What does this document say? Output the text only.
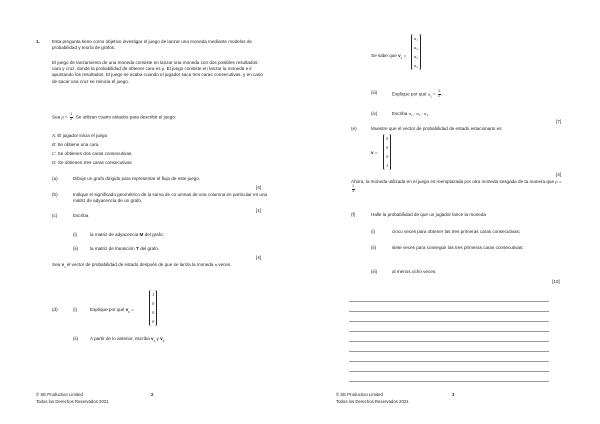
1.	Esta pregunta tiene como objetivo investigar el juego de lanzar una moneda mediante modelos de probabilidad y teoría de grafos.
El juego de lanzamiento de una moneda consiste en lanzar una moneda con dos posibles resultados: cara y cruz, donde la probabilidad de obtener cara es p. El juego consiste en lanzar la moneda e ir apuntando los resultados. El juego se acaba cuando el jugador saca tres caras consecutivas, y en caso de sacar una cruz se reinicia el juego.
Sea $p = \frac{1}{2}$ . Se utilizan cuatro estados para describir el juego:
A: El jugador inicia el juego
B: Se obtiene una cara
C: Se obtienen dos caras consecutivas.
D: Se obtienen tres caras consecutivas
(a)	Dibuje un grafo dirigido para representar el flujo de este juego.
[4]
(b)	Indique el significado geométrico de la suma de co umnas de una columna en particular en una matriz de adyacencia de un grafo.
[1]
(c)	Escriba
(i)	la matriz de adyacencia M del grafo;
(ii)	la matriz de transición T del grafo.
[4]
Sea $v_n$ el vector de probabilidad de estado después de que se lanza la moneda n veces.
(d)	(i)	Explique por qué $v_0$ =
1
0
0
0
(ii)	A partir de lo anterior, escriba $v_1$ y $v_2$.
© SE Production Limited
Todos los Derechos Reservados 2021
2
Se sabe que $v_1$ =
a₁
a₂
a₃
a₄
(iii)	Explique por qué $a_1 = \frac{1}{2}$ .
(iv)	Escriba a₂ : a₃ : a₄.
[7]
(e)	Muestre que el vector de probabilidad de estado estacionario es
v =
0
0
0
1
[4]
Ahora, la moneda utilizada en el juego es reemplazada por otra moneda sesgada de ta manera que p =
$\frac{1}{3}$ .
(f)	Halle la probabilidad de que un jugador lance la moneda
(i)	cinco veces para obtener las tres primeras caras consecutivas;
(ii)	siete veces para conseguir las tres primeras caras consecutivas;
(iii)	al menos ocho veces.
[10]
© SE Production Limited
Todos los Derechos Reservados 2021
3
